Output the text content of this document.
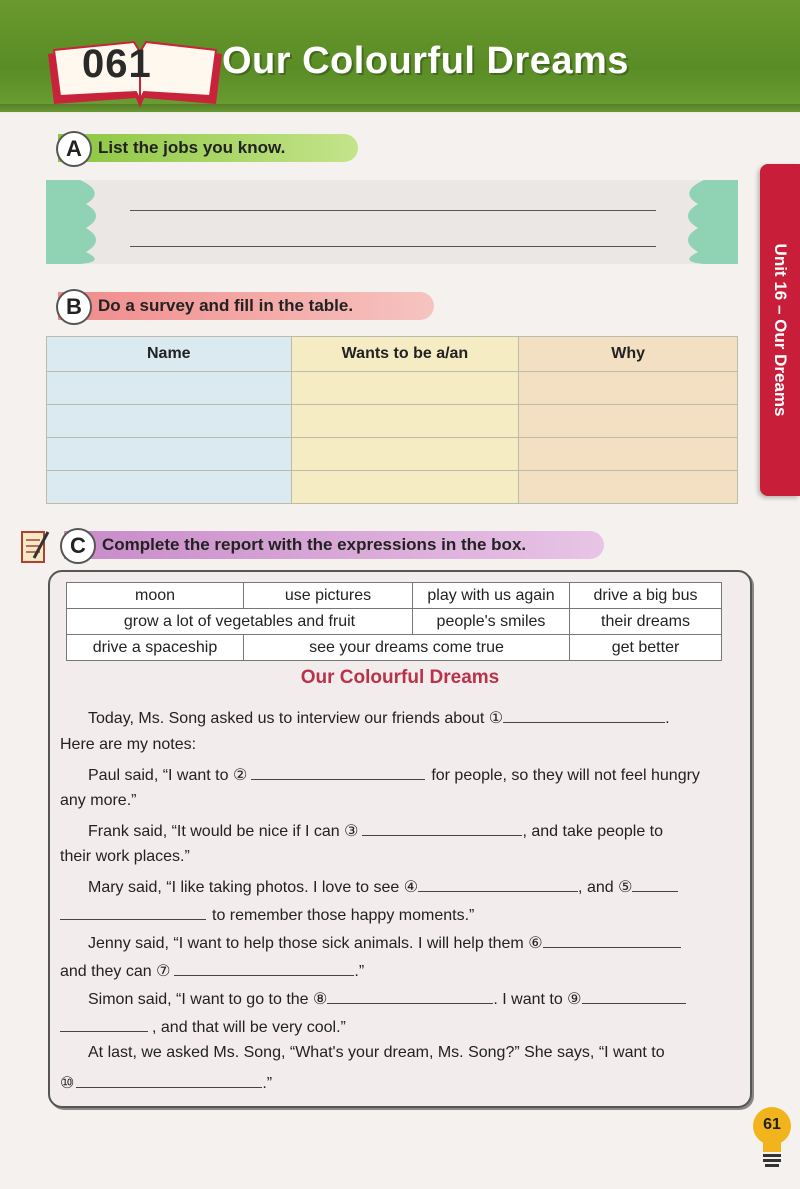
061 Our Colourful Dreams
Unit 16 – Our Dreams
List the jobs you know.
A
Do a survey and fill in the table.
B
Name	Wants to be a/an	Why

Complete the report with the expressions in the box.
C
moon	use pictures	play with us again	drive a big bus
grow a lot of vegetables and fruit		people's smiles	their dreams
drive a spaceship	see your dreams come true		get better
Our Colourful Dreams
Today, Ms. Song asked us to interview our friends about ①	.
Here are my notes:
Paul said, “I want to ②	for people, so they will not feel hungry
any more.”
Frank said, “It would be nice if I can ③	, and take people to
their work places.”
Mary said, “I like taking photos. I love to see ④	, and ⑤
to remember those happy moments.”
Jenny said, “I want to help those sick animals. I will help them ⑥
and they can ⑦	.”
Simon said, “I want to go to the ⑧	. I want to ⑨
, and that will be very cool.”
At last, we asked Ms. Song, “What's your dream, Ms. Song?” She says, “I want to
⑩	.”
61
